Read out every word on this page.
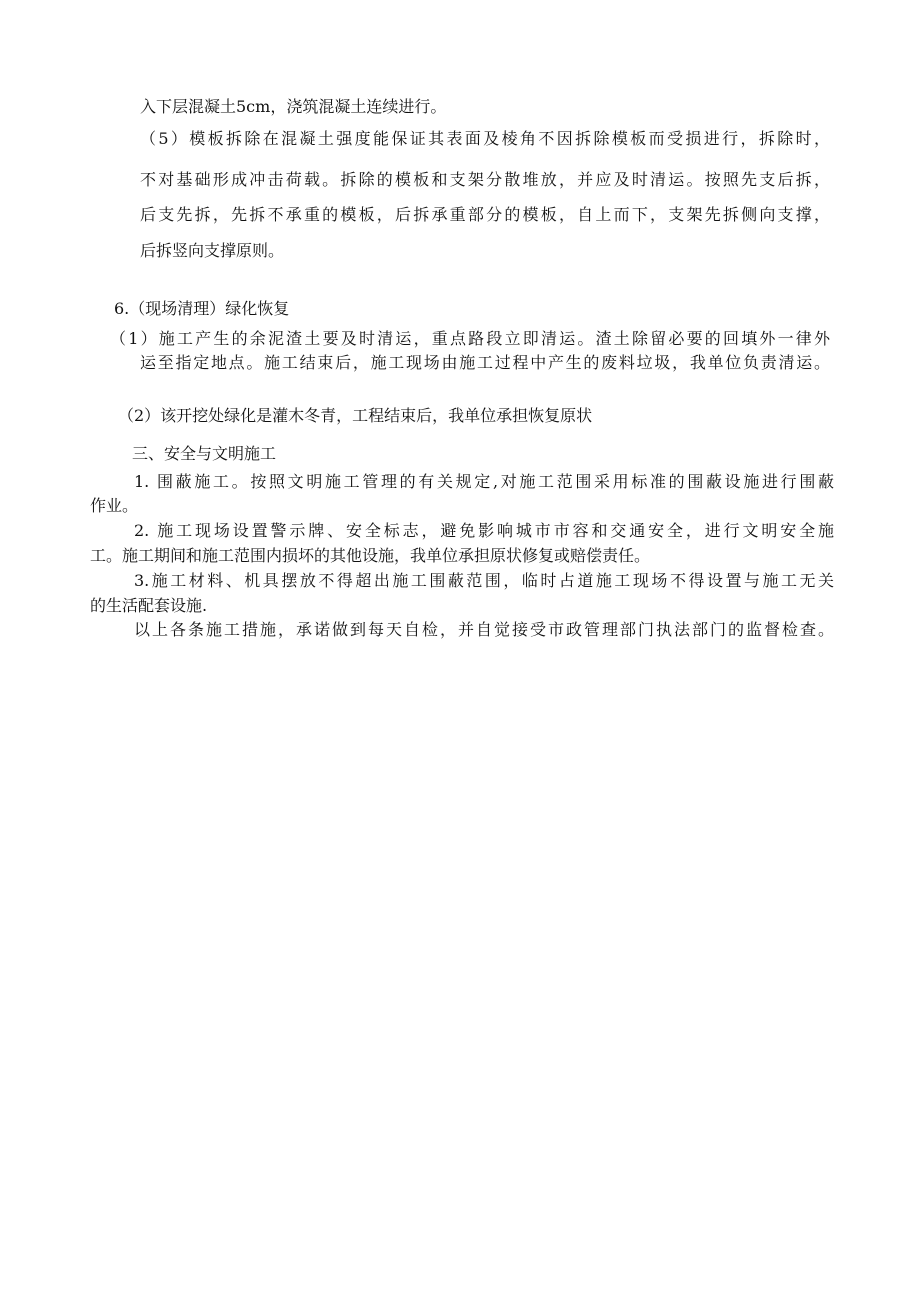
入下层混凝土5cm，浇筑混凝土连续进行。
（5）模板拆除在混凝土强度能保证其表面及棱角不因拆除模板而受损进行，拆除时，
不对基础形成冲击荷载。拆除的模板和支架分散堆放，并应及时清运。按照先支后拆，
后支先拆，先拆不承重的模板，后拆承重部分的模板，自上而下，支架先拆侧向支撑，
后拆竖向支撑原则。
6.（现场清理）绿化恢复
（1）施工产生的余泥渣土要及时清运，重点路段立即清运。渣土除留必要的回填外一律外
运至指定地点。施工结束后，施工现场由施工过程中产生的废料垃圾，我单位负责清运。
（2）该开挖处绿化是灌木冬青，工程结束后，我单位承担恢复原状
三、安全与文明施工
1. 围蔽施工。按照文明施工管理的有关规定,对施工范围采用标准的围蔽设施进行围蔽
作业。
2. 施工现场设置警示牌、安全标志，避免影响城市市容和交通安全，进行文明安全施
工。施工期间和施工范围内损坏的其他设施，我单位承担原状修复或赔偿责任。
3.施工材料、机具摆放不得超出施工围蔽范围，临时占道施工现场不得设置与施工无关
的生活配套设施.
以上各条施工措施，承诺做到每天自检，并自觉接受市政管理部门执法部门的监督检查。
